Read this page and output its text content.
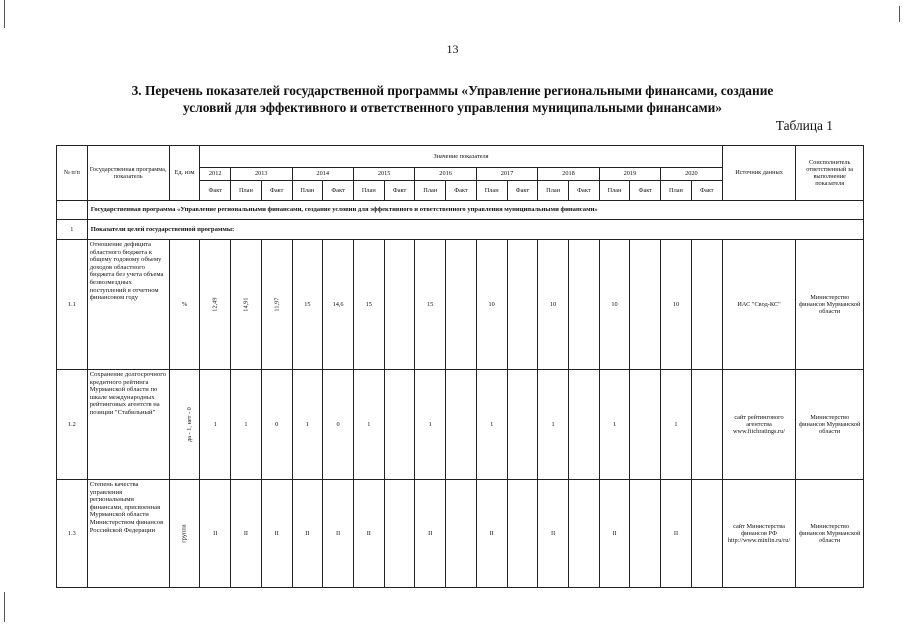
13
3. Перечень показателей государственной программы «Управление региональными финансами, создание
условий для эффективного и ответственного управления муниципальными финансами»
Таблица 1
№ п/п	Государственная программа, показатель	Ед. изм	Значение показателя																	Источник данных	Соисполнитель ответственный за выполнение показателя
			2012	2013		2014		2015		2016		2017		2018		2019		2020			
			Факт	План	Факт	План	Факт	План	Факт	План	Факт	План	Факт	План	Факт	План	Факт	План	Факт		
	Государственная программа «Управление региональными финансами, создание условии для эффективного и ответственного управления муниципальными финансами»																				
1	Показатели целей государственной программы:																				
1.1	Отношение дефицита областного бюджета к общему годовому объему доходов областного бюджета без учета объема безвозмездных поступлений в отчетном финансовом году	%	12,49	14,91	11,97	15	14,6	15		15		10		10		10		10		ИАС "Свод-КС"	Министерство финансов Мурманской области
1.2	Сохранение долгосрочного кредитного рейтинга Мурманской области по шкале международных рейтинговых агентств на позиции "Стабильный"	да - 1, нет - 0	1	1	0	1	0	1		1		1		1		1		1		сайт рейтингового агентства www.fitchratings.ru/	Министерство финансов Мурманской области
1.3	Степень качества управления региональными финансами, присвоенная Мурманской области Министерством финансов Российской Федерации	группа	II	II	II	II	II	II		II		II		II		II		II		сайт Министерства финансов РФ http://www.minfin.ru/ru/	Министерство финансов Мурманской области
